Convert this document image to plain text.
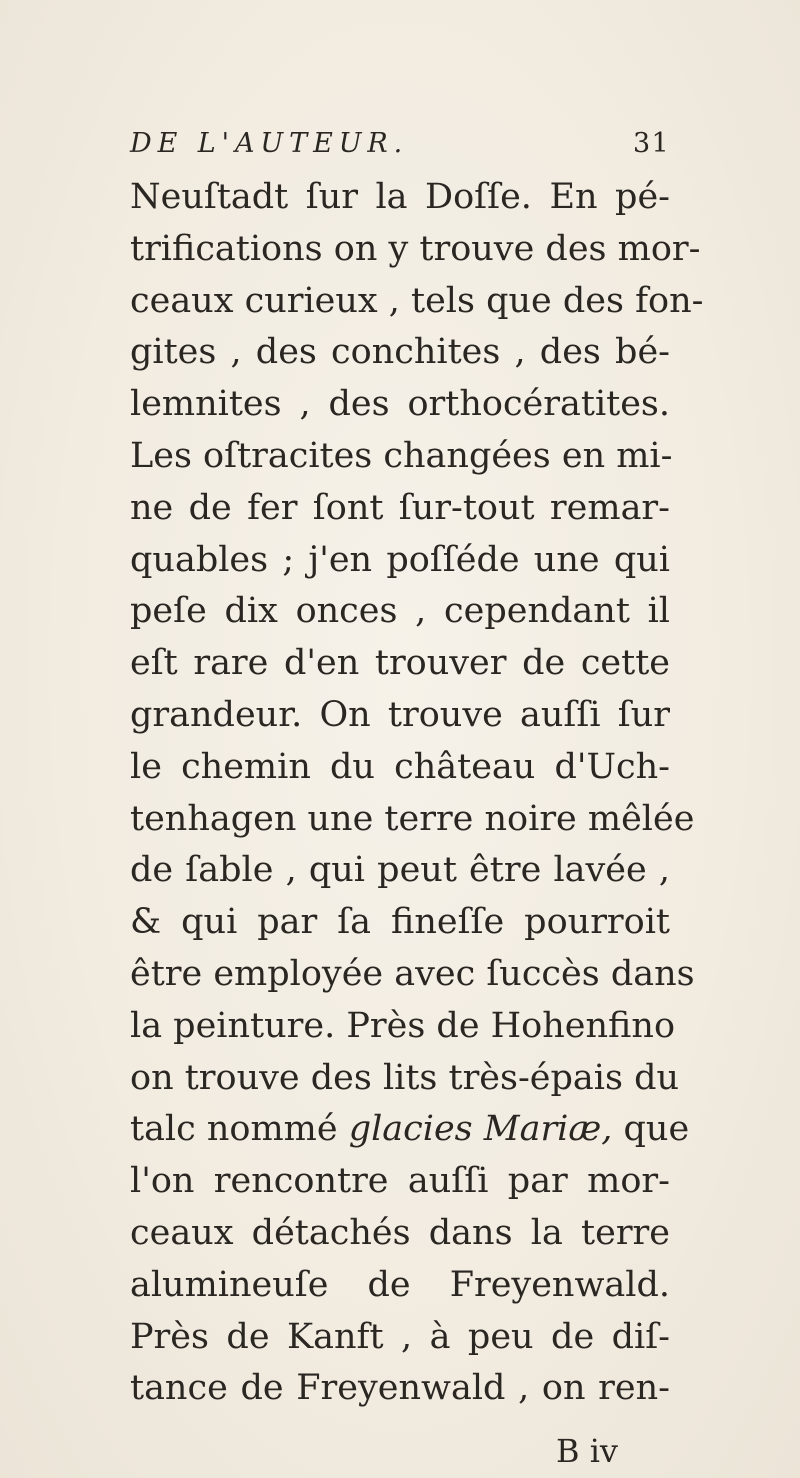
DE L'AUTEUR.	31
Neuſtadt ſur la Doſſe. En pé-
trifications on y trouve des mor-
ceaux curieux , tels que des fon-
gites , des conchites , des bé-
lemnites , des orthocératites.
Les oſtracites changées en mi-
ne de fer ſont ſur-tout remar-
quables ; j'en poſſéde une qui
peſe dix onces , cependant il
eſt rare d'en trouver de cette
grandeur. On trouve auſſi ſur
le chemin du château d'Uch-
tenhagen une terre noire mêlée
de ſable , qui peut être lavée ,
& qui par ſa fineſſe pourroit
être employée avec ſuccès dans
la peinture. Près de Hohenfino
on trouve des lits très-épais du
talc nommé glacies Mariæ, que
l'on rencontre auſſi par mor-
ceaux détachés dans la terre
alumineuſe de Freyenwald.
Près de Kanft , à peu de diſ-
tance de Freyenwald , on ren-
B iv
